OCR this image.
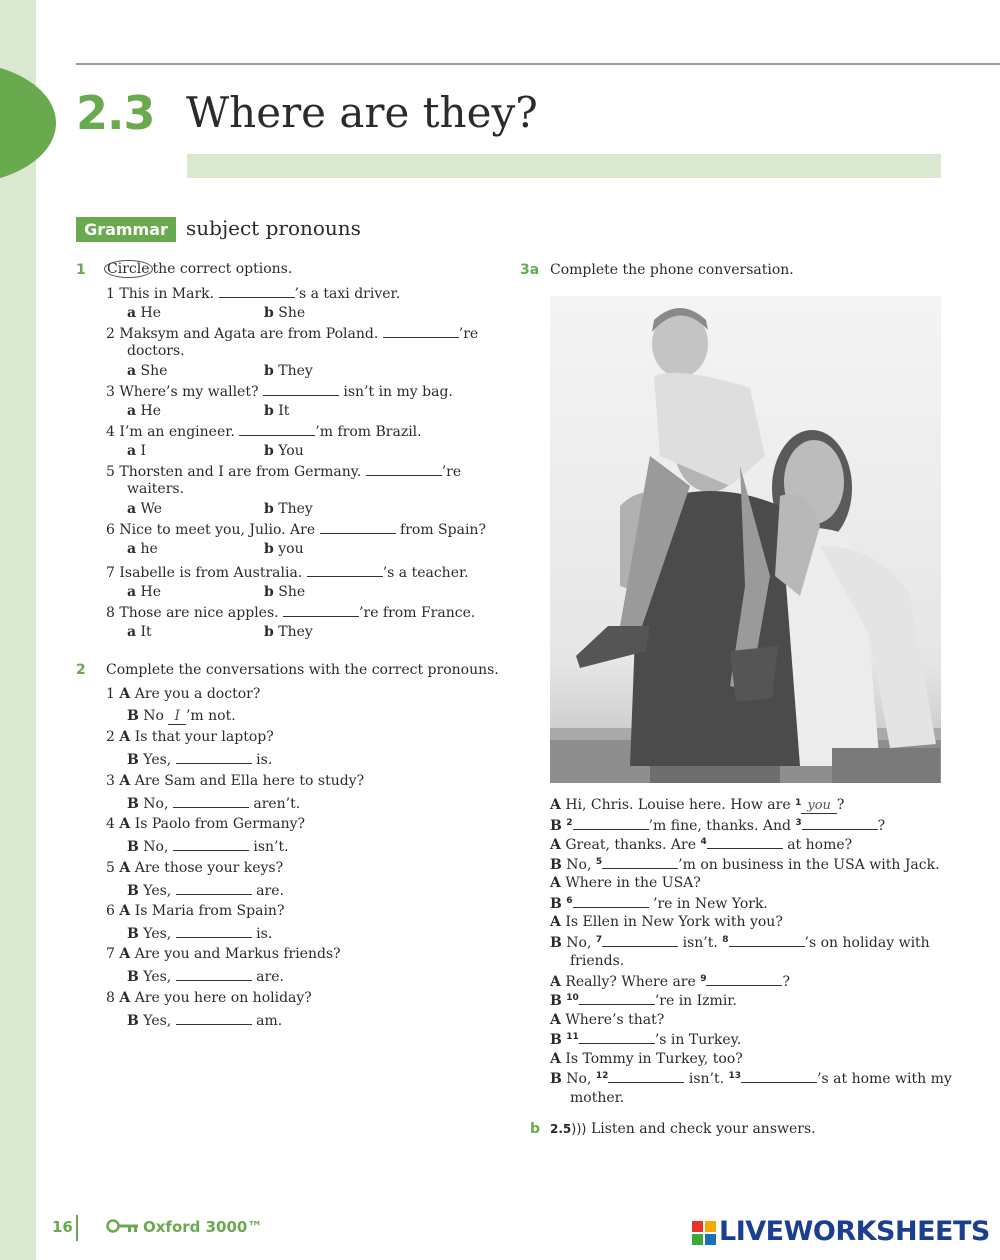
2.3 Where are they?
Grammar subject pronouns
1 Circle the correct options.
1 This in Mark.	’s a taxi driver.
a He	b She
2 Maksym and Agata are from Poland.	’re
doctors.
a She	b They
3 Where’s my wallet?	isn’t in my bag.
a He	b It
4 I’m an engineer.	’m from Brazil.
a I	b You
5 Thorsten and I are from Germany.	’re
waiters.
a We	b They
6 Nice to meet you, Julio. Are	from Spain?
a he	b you
7 Isabelle is from Australia.	’s a teacher.
a He	b She
8 Those are nice apples.	’re from France.
a It	b They
2 Complete the conversations with the correct pronouns.
1 A Are you a doctor?
B No I ’m not.
2 A Is that your laptop?
B Yes,	is.
3 A Are Sam and Ella here to study?
B No,	aren’t.
4 A Is Paolo from Germany?
B No,	isn’t.
5 A Are those your keys?
B Yes,	are.
6 A Is Maria from Spain?
B Yes,	is.
7 A Are you and Markus friends?
B Yes,	are.
8 A Are you here on holiday?
B Yes,	am.
3a Complete the phone conversation.
A Hi, Chris. Louise here. How are $^1$ you ?
B $^2$	’m fine, thanks. And $^3$	?
A Great, thanks. Are $^4$	at home?
B No, $^5$	’m on business in the USA with Jack.
A Where in the USA?
B $^6$	’re in New York.
A Is Ellen in New York with you?
B No, $^7$	isn’t. $^8$	’s on holiday with
friends.
A Really? Where are $^9$	?
B $^{10}$	’re in Izmir.
A Where’s that?
B $^{11}$	’s in Turkey.
A Is Tommy in Turkey, too?
B No, $^{12}$	isn’t. $^{13}$	’s at home with my
mother.
b 2.5))) Listen and check your answers.
16	Oxford 3000™	LIVEWORKSHEETS
